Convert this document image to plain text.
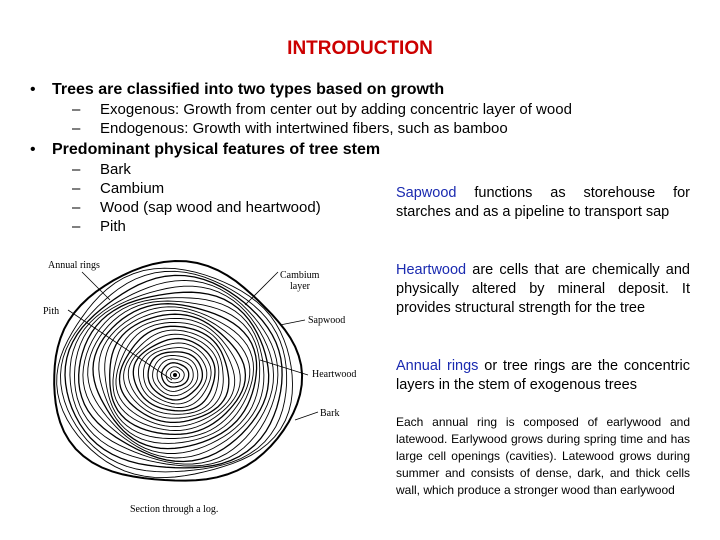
INTRODUCTION
• Trees are classified into two types based on growth
– Exogenous: Growth from center out by adding concentric layer of wood
– Endogenous: Growth with intertwined fibers, such as bamboo
• Predominant physical features of tree stem
– Bark
– Cambium
– Wood (sap wood and heartwood)
– Pith
Sapwood functions as storehouse for starches and as a pipeline to transport sap
Heartwood are cells that are chemically and physically altered by mineral deposit. It provides structural strength for the tree
Annual rings or tree rings are the concentric layers in the stem of exogenous trees
Each annual ring is composed of earlywood and latewood. Earlywood grows during spring time and has large cell openings (cavities). Latewood grows during summer and consists of dense, dark, and thick cells wall, which produce a stronger wood than earlywood
Annual rings
Pith
Cambium
layer
Sapwood
Heartwood
Bark
Section through a log.
